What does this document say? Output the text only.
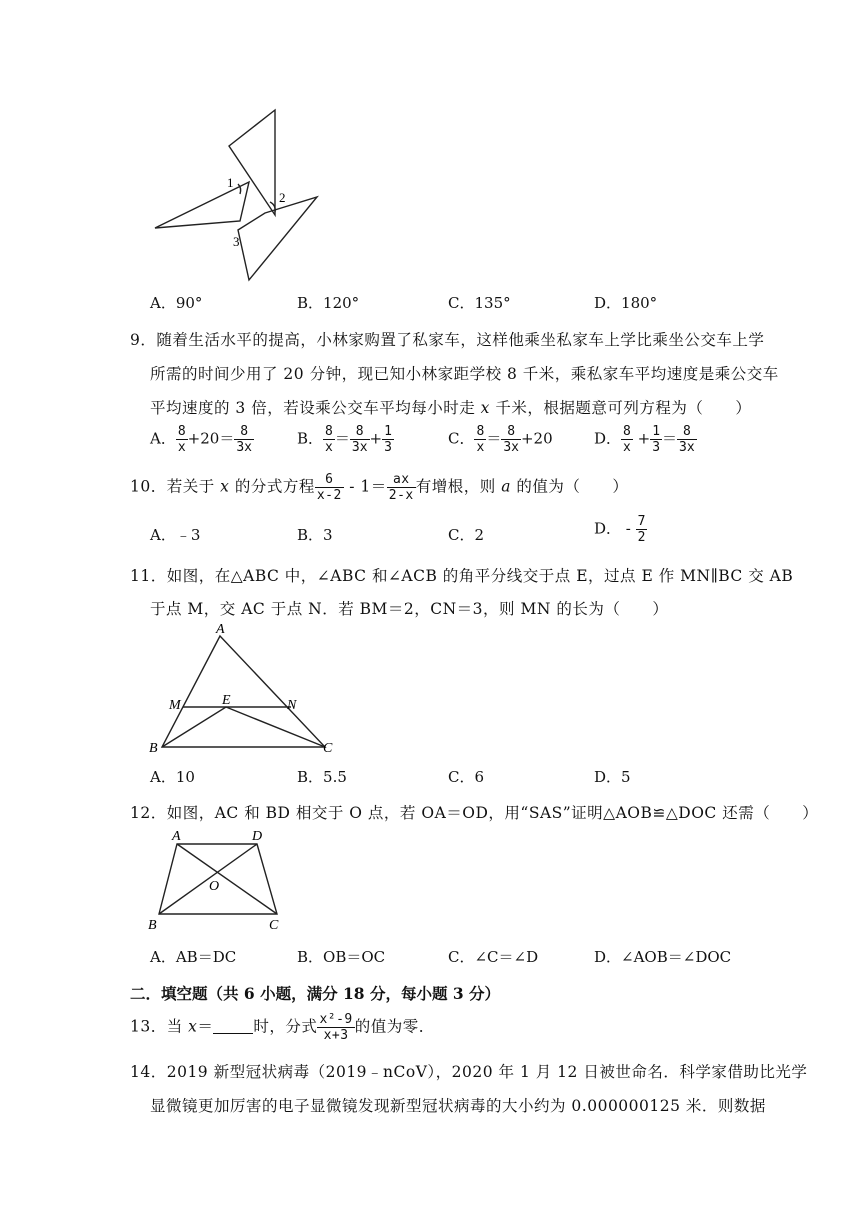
1
2
3
A．90°	B．120°	C．135°	D．180°
9．随着生活水平的提高，小林家购置了私家车，这样他乘坐私家车上学比乘坐公交车上学
所需的时间少用了 20 分钟，现已知小林家距学校 8 千米，乘私家车平均速度是乘公交车
平均速度的 3 倍，若设乘公交车平均每小时走 x 千米，根据题意可列方程为（　　）
A． $\frac{8}{x} +20= \frac{8}{3x}$	B． $\frac{8}{x} = \frac{8}{3x} + \frac{1}{3}$	C． $\frac{8}{x} = \frac{8}{3x} +20$	D． $\frac{8}{x} + \frac{1}{3} = \frac{8}{3x}$
10．若关于 x 的分式方程 $\frac{6}{x-2} - 1= \frac{ax}{2-x}$ 有增根，则 a 的值为（　　）
A．﹣3	B．3	C．2	D． - $\frac{7}{2}$
11．如图，在△ABC 中，∠ABC 和∠ACB 的角平分线交于点 E，过点 E 作 MN∥BC 交 AB
于点 M，交 AC 于点 N．若 BM＝2，CN＝3，则 MN 的长为（　　）
A
M	E	N
B	C
A．10	B．5.5	C．6	D．5
12．如图，AC 和 BD 相交于 O 点，若 OA＝OD，用“SAS”证明△AOB≌△DOC 还需（　　）
A	D
O
B	C
A．AB＝DC	B．OB＝OC	C．∠C＝∠D	D．∠AOB＝∠DOC
二．填空题（共 6 小题，满分 18 分，每小题 3 分）
13．当 x＝	时，分式 $\frac{\text{x²-9}}{x+3}$ 的值为零．
14．2019 新型冠状病毒（2019﹣nCoV），2020 年 1 月 12 日被世命名．科学家借助比光学
显微镜更加厉害的电子显微镜发现新型冠状病毒的大小约为 0.000000125 米．则数据
